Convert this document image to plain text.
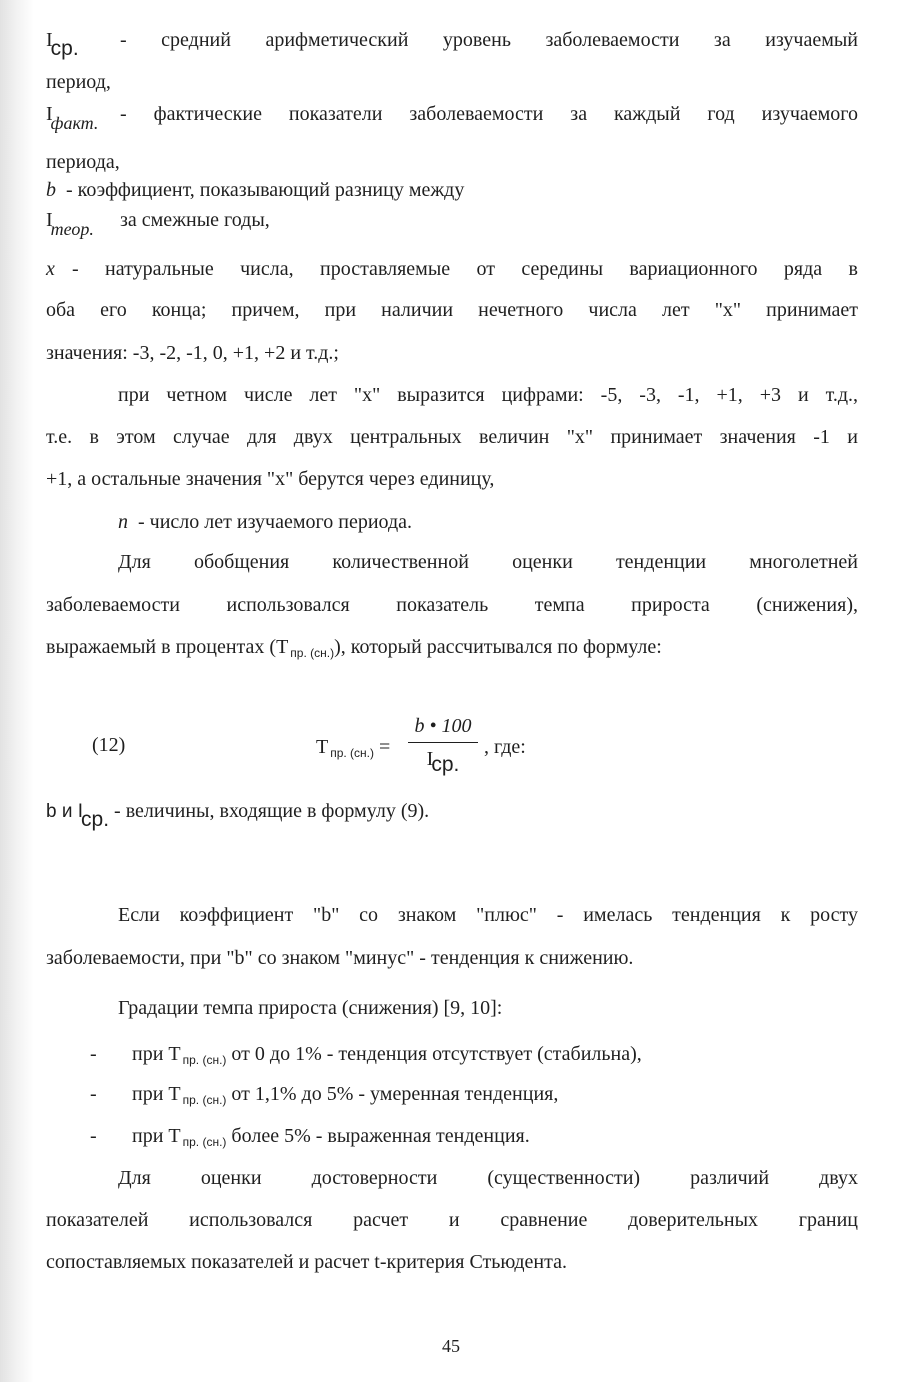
Iср. - средний арифметический уровень заболеваемости за изучаемый
период,
Iфакт. - фактические показатели заболеваемости за каждый год изучаемого
периода,
b - коэффициент, показывающий разницу между
Iтеор. за смежные годы,
x - натуральные числа, проставляемые от середины вариационного ряда в
оба его конца; причем, при наличии нечетного числа лет "х" принимает
значения: -3, -2, -1, 0, +1, +2 и т.д.;
при четном числе лет "х" выразится цифрами: -5, -3, -1, +1, +3 и т.д.,
т.е. в этом случае для двух центральных величин "х" принимает значения -1 и
+1, а остальные значения "х" берутся через единицу,
n - число лет изучаемого периода.
Для обобщения количественной оценки тенденции многолетней
заболеваемости использовался показатель темпа прироста (снижения),
выражаемый в процентах (Т $_{пр. (сн.)}$), который рассчитывался по формуле:
(12)	Т $_{пр. (сн.)}$ =
b • 100
Iср.
, где:
b и Iср. - величины, входящие в формулу (9).
Если коэффициент "b" со знаком "плюс" - имелась тенденция к росту
заболеваемости, при "b" со знаком "минус" - тенденция к снижению.
Градации темпа прироста (снижения) [9, 10]:
- при Т $_{пр. (сн.)}$ от 0 до 1% - тенденция отсутствует (стабильна),
- при Т $_{пр. (сн.)}$ от 1,1% до 5% - умеренная тенденция,
- при Т $_{пр. (сн.)}$ более 5% - выраженная тенденция.
Для оценки достоверности (существенности) различий двух
показателей использовался расчет и сравнение доверительных границ
сопоставляемых показателей и расчет t-критерия Стьюдента.
45
